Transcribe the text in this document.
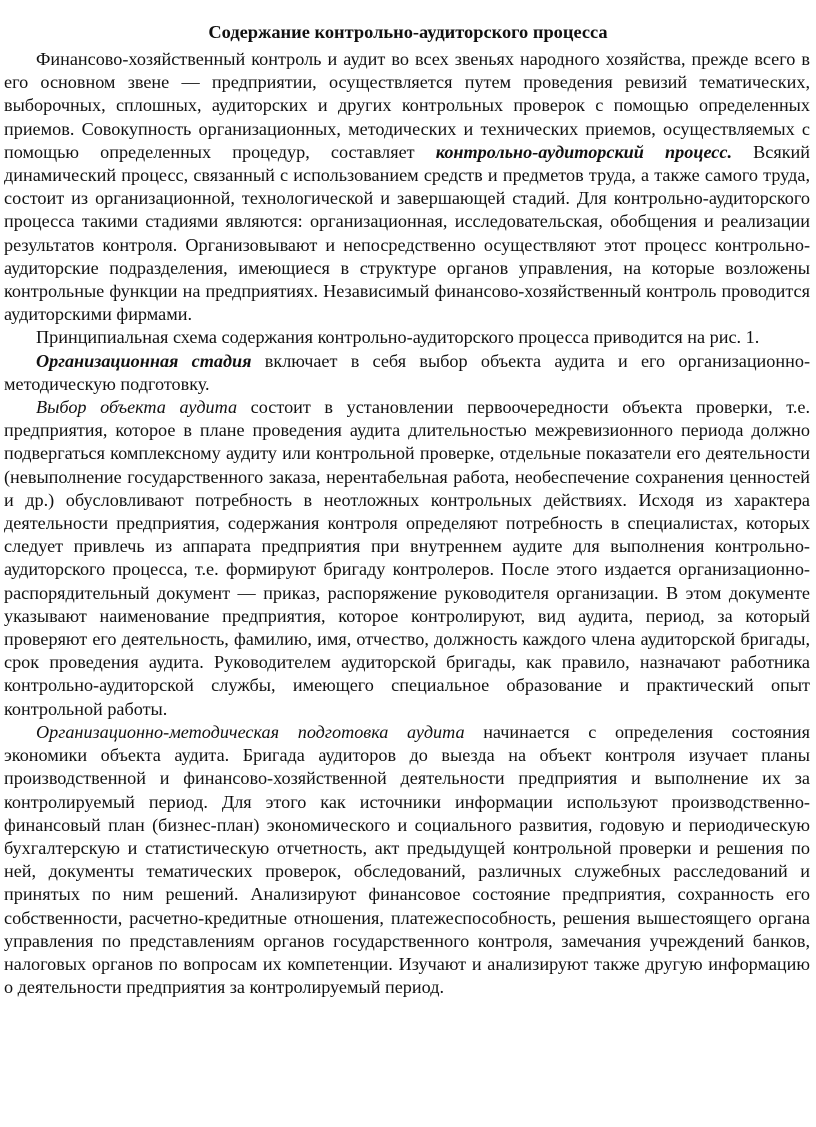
Содержание контрольно-аудиторского процесса

Финансово-хозяйственный контроль и аудит во всех звеньях народного хозяйства, прежде всего в его основном звене — предприятии, осуществляется путем проведения ревизий тематических, выборочных, сплошных, аудиторских и других контрольных проверок с помощью определенных приемов. Совокупность организационных, методических и технических приемов, осуществляемых с помощью определенных процедур, составляет контрольно-аудиторский процесс. Всякий динамический процесс, связанный с использованием средств и предметов труда, а также самого труда, состоит из организационной, технологической и завершающей стадий. Для контрольно-аудиторского процесса такими стадиями являются: организационная, исследовательская, обобщения и реализации результатов контроля. Организовывают и непосредственно осуществляют этот процесс контрольно-аудиторские подразделения, имеющиеся в структуре органов управления, на которые возложены контрольные функции на предприятиях. Независимый финансово-хозяйственный контроль проводится аудиторскими фирмами.

Принципиальная схема содержания контрольно-аудиторского процесса приводится на рис. 1.

Организационная стадия включает в себя выбор объекта аудита и его организационно-методическую подготовку.

Выбор объекта аудита состоит в установлении первоочередности объекта проверки, т.е. предприятия, которое в плане проведения аудита длительностью межревизионного периода должно подвергаться комплексному аудиту или контрольной проверке, отдельные показатели его деятельности (невыполнение государственного заказа, нерентабельная работа, необеспечение сохранения ценностей и др.) обусловливают потребность в неотложных контрольных действиях. Исходя из характера деятельности предприятия, содержания контроля определяют потребность в специалистах, которых следует привлечь из аппарата предприятия при внутреннем аудите для выполнения контрольно-аудиторского процесса, т.е. формируют бригаду контролеров. После этого издается организационно-распорядительный документ — приказ, распоряжение руководителя организации. В этом документе указывают наименование предприятия, которое контролируют, вид аудита, период, за который проверяют его деятельность, фамилию, имя, отчество, должность каждого члена аудиторской бригады, срок проведения аудита. Руководителем аудиторской бригады, как правило, назначают работника контрольно-аудиторской службы, имеющего специальное образование и практический опыт контрольной работы.

Организационно-методическая подготовка аудита начинается с определения состояния экономики объекта аудита. Бригада аудиторов до выезда на объект контроля изучает планы производственной и финансово-хозяйственной деятельности предприятия и выполнение их за контролируемый период. Для этого как источники информации используют производственно-финансовый план (бизнес-план) экономического и социального развития, годовую и периодическую бухгалтерскую и статистическую отчетность, акт предыдущей контрольной проверки и решения по ней, документы тематических проверок, обследований, различных служебных расследований и принятых по ним решений. Анализируют финансовое состояние предприятия, сохранность его собственности, расчетно-кредитные отношения, платежеспособность, решения вышестоящего органа управления по представлениям органов государственного контроля, замечания учреждений банков, налоговых органов по вопросам их компетенции. Изучают и анализируют также другую информацию о деятельности предприятия за контролируемый период.
